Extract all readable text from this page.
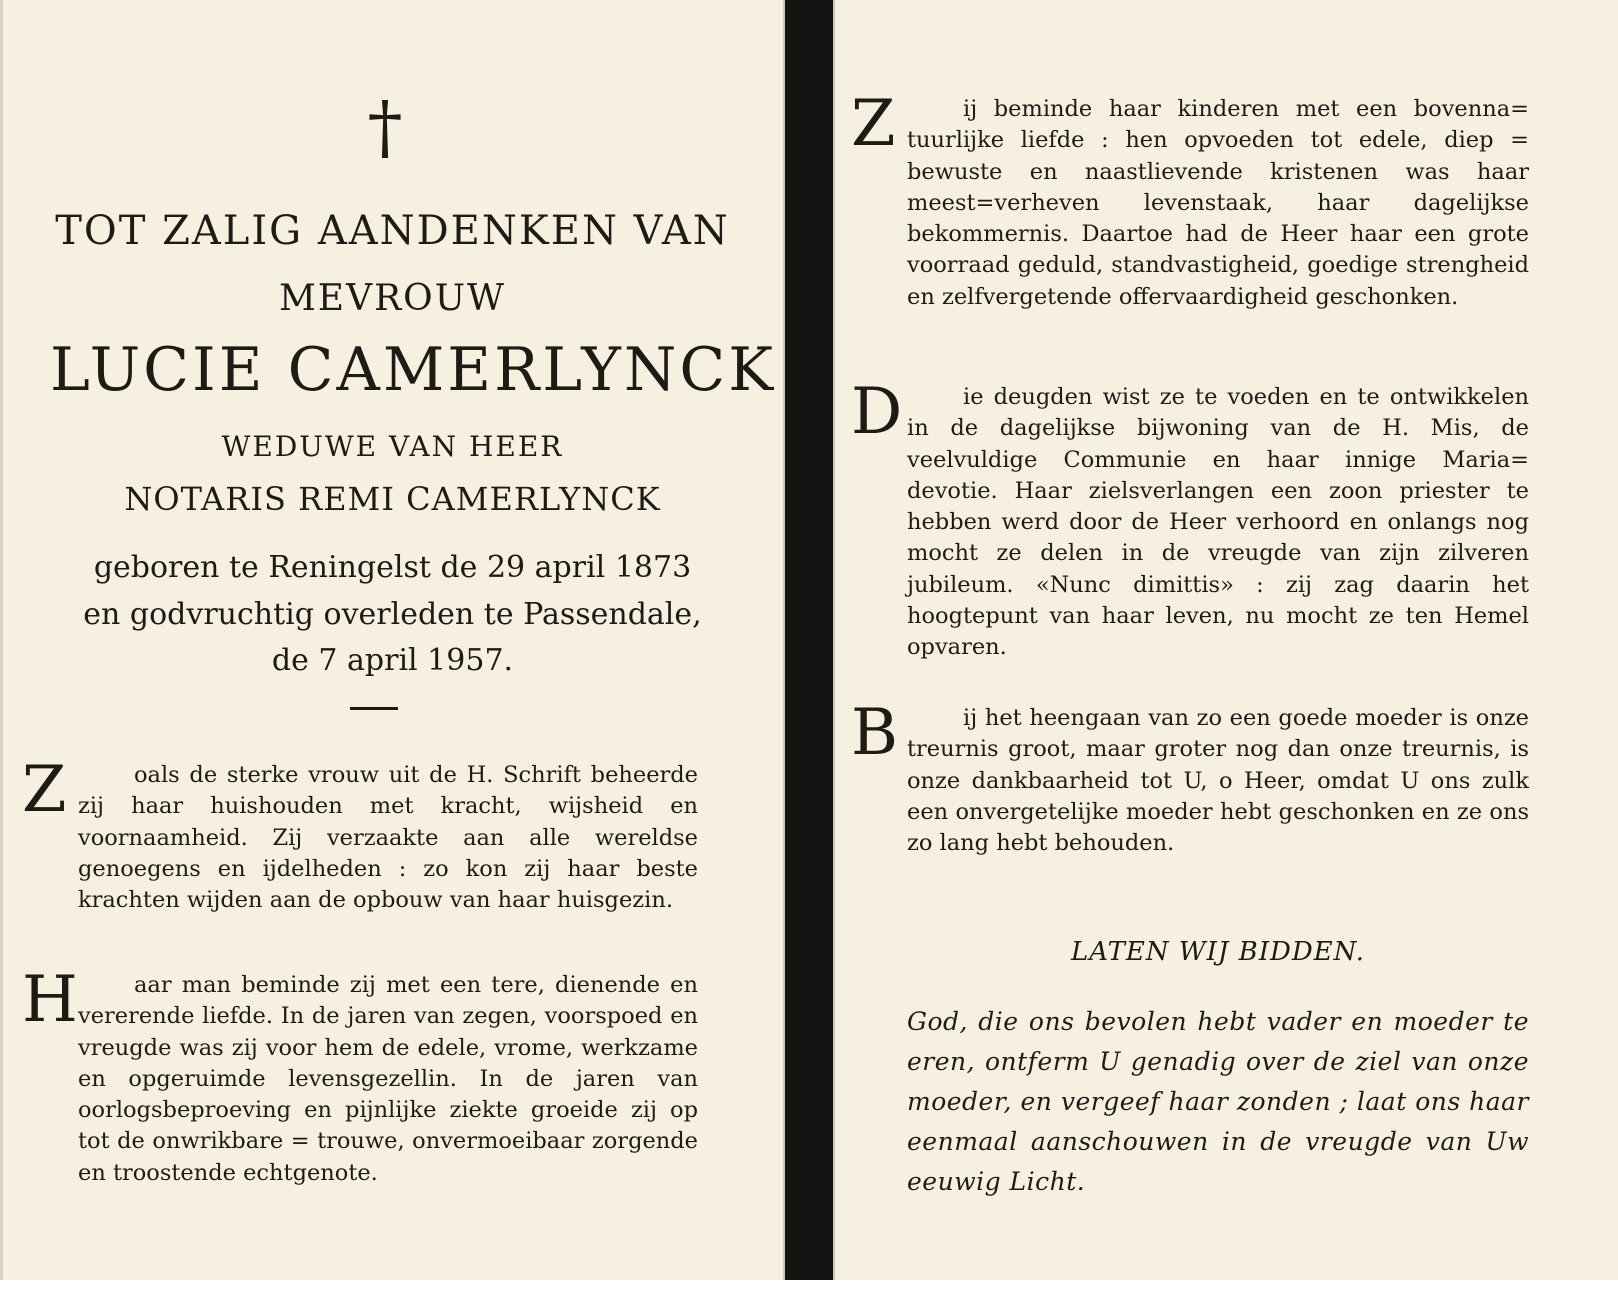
†
TOT ZALIG AANDENKEN VAN
MEVROUW
LUCIE CAMERLYNCK
WEDUWE VAN HEER
NOTARIS REMI CAMERLYNCK
geboren te Reningelst de 29 april 1873
en godvruchtig overleden te Passendale,
de 7 april 1957.
Z	oals de sterke vrouw uit de H. Schrift beheerde zij haar huishouden met kracht, wijsheid en voornaamheid. Zij verzaakte aan alle wereldse genoegens en ijdelheden : zo kon zij haar beste krachten wijden aan de opbouw van haar huisgezin.
H aar man beminde zij met een tere, dienende en vererende liefde. In de jaren van zegen, voorspoed en vreugde was zij voor hem de edele, vrome, werkzame en opgeruimde levensgezellin. In de jaren van oorlogsbeproeving en pijnlijke ziekte groeide zij op tot de onwrikbare = trouwe, onvermoeibaar zorgende en troostende echtgenote.
Z	ij beminde haar kinderen met een bovenna= tuurlijke liefde : hen opvoeden tot edele, diep = bewuste en naastlievende kristenen was haar meest=verheven levenstaak, haar dagelijkse bekommernis. Daartoe had de Heer haar een grote voorraad geduld, standvastigheid, goedige strengheid en zelfvergetende offervaardigheid geschonken.
D	ie deugden wist ze te voeden en te ontwikkelen in de dagelijkse bijwoning van de H. Mis, de veelvuldige Communie en haar innige Maria= devotie. Haar zielsverlangen een zoon priester te hebben werd door de Heer verhoord en onlangs nog mocht ze delen in de vreugde van zijn zilveren jubileum. «Nunc dimittis» : zij zag daarin het hoogtepunt van haar leven, nu mocht ze ten Hemel opvaren.
B	ij het heengaan van zo een goede moeder is onze treurnis groot, maar groter nog dan onze treurnis, is onze dankbaarheid tot U, o Heer, omdat U ons zulk een onvergetelijke moeder hebt geschonken en ze ons zo lang hebt behouden.
LATEN WIJ BIDDEN.
God, die ons bevolen hebt vader en moeder te eren, ontferm U genadig over de ziel van onze moeder, en vergeef haar zonden ; laat ons haar eenmaal aanschouwen in de vreugde van Uw eeuwig Licht.
